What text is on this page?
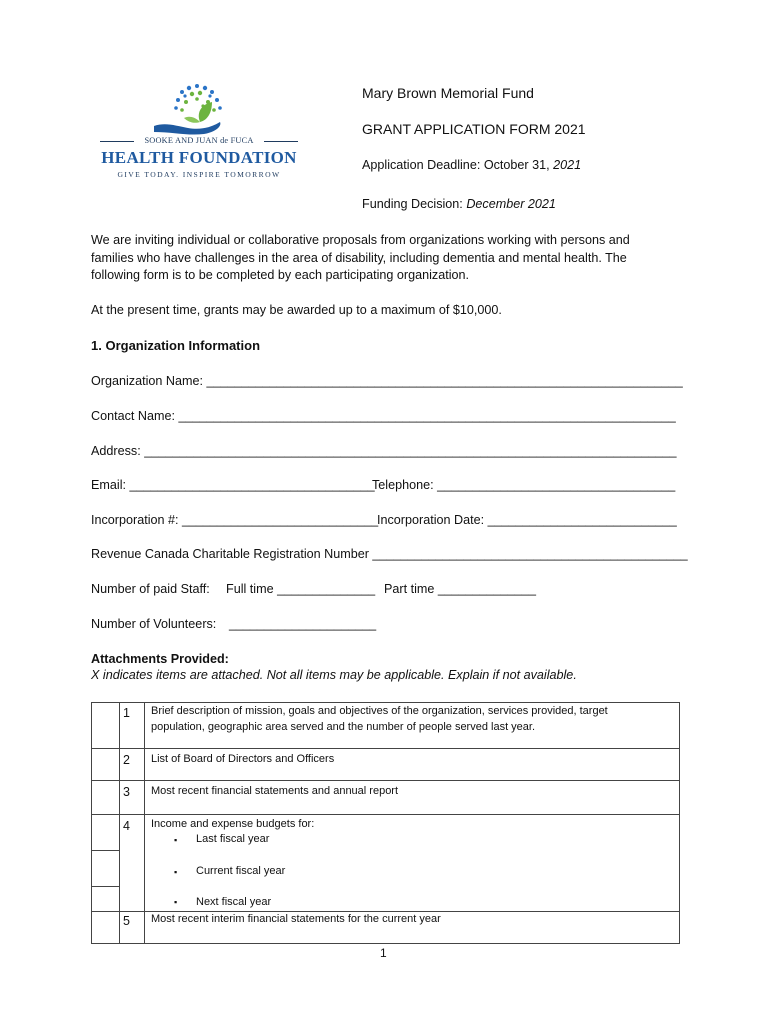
SOOKE AND JUAN de FUCA
HEALTH FOUNDATION
GIVE TODAY. INSPIRE TOMORROW
Mary Brown Memorial Fund
GRANT APPLICATION FORM 2021
Application Deadline: October 31, 2021
Funding Decision: December 2021
We are inviting individual or collaborative proposals from organizations working with persons and
families who have challenges in the area of disability, including dementia and mental health. The
following form is to be completed by each participating organization.
At the present time, grants may be awarded up to a maximum of $10,000.
1. Organization Information
Organization Name: ____________________________________________________________________
Contact Name: _______________________________________________________________________
Address: ____________________________________________________________________________
Email: ___________________________________
Telephone: __________________________________
Incorporation #: ____________________________
Incorporation Date: ___________________________
Revenue Canada Charitable Registration Number _____________________________________________
Number of paid Staff: Full time ______________ Part time ______________
Number of Volunteers: _____________________
Attachments Provided:
X indicates items are attached. Not all items may be applicable. Explain if not available.
1
2
3
4
5
Brief description of mission, goals and objectives of the organization, services provided, target
population, geographic area served and the number of people served last year.
List of Board of Directors and Officers
Most recent financial statements and annual report
Income and expense budgets for:
▪ Last fiscal year
▪ Current fiscal year
▪ Next fiscal year
Most recent interim financial statements for the current year
1
